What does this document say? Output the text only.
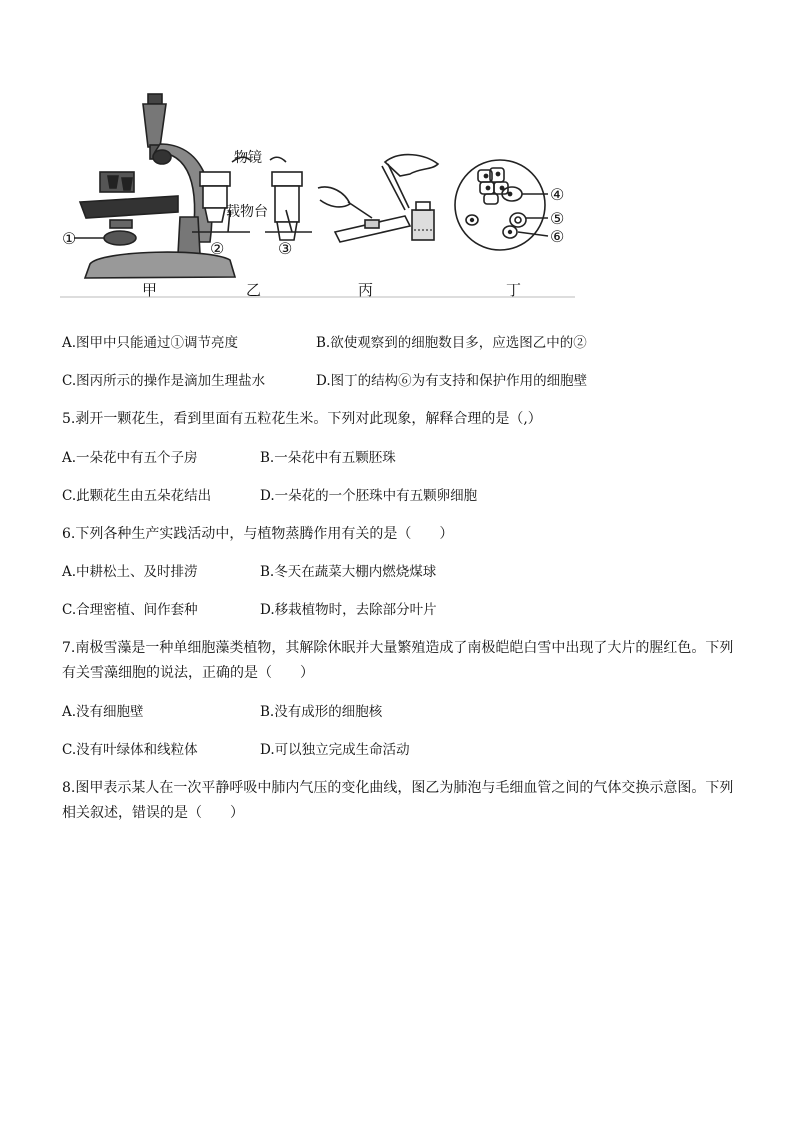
①
甲
物镜
载物台
②	③
乙	丙
④
⑤
⑥
丁
A.图甲中只能通过①调节亮度	B.欲使观察到的细胞数目多，应选图乙中的②
C.图丙所示的操作是滴加生理盐水	D.图丁的结构⑥为有支持和保护作用的细胞壁
5.剥开一颗花生，看到里面有五粒花生米。下列对此现象，解释合理的是（,）
A.一朵花中有五个子房	B.一朵花中有五颗胚珠
C.此颗花生由五朵花结出	D.一朵花的一个胚珠中有五颗卵细胞
6.下列各种生产实践活动中，与植物蒸腾作用有关的是（　　）
A.中耕松土、及时排涝	B.冬天在蔬菜大棚内燃烧煤球
C.合理密植、间作套种	D.移栽植物时，去除部分叶片
7.南极雪藻是一种单细胞藻类植物，其解除休眠并大量繁殖造成了南极皑皑白雪中出现了大片的腥红色。下列有关雪藻细胞的说法，正确的是（　　）
A.没有细胞壁	B.没有成形的细胞核
C.没有叶绿体和线粒体	D.可以独立完成生命活动
8.图甲表示某人在一次平静呼吸中肺内气压的变化曲线，图乙为肺泡与毛细血管之间的气体交换示意图。下列相关叙述，错误的是（　　）
